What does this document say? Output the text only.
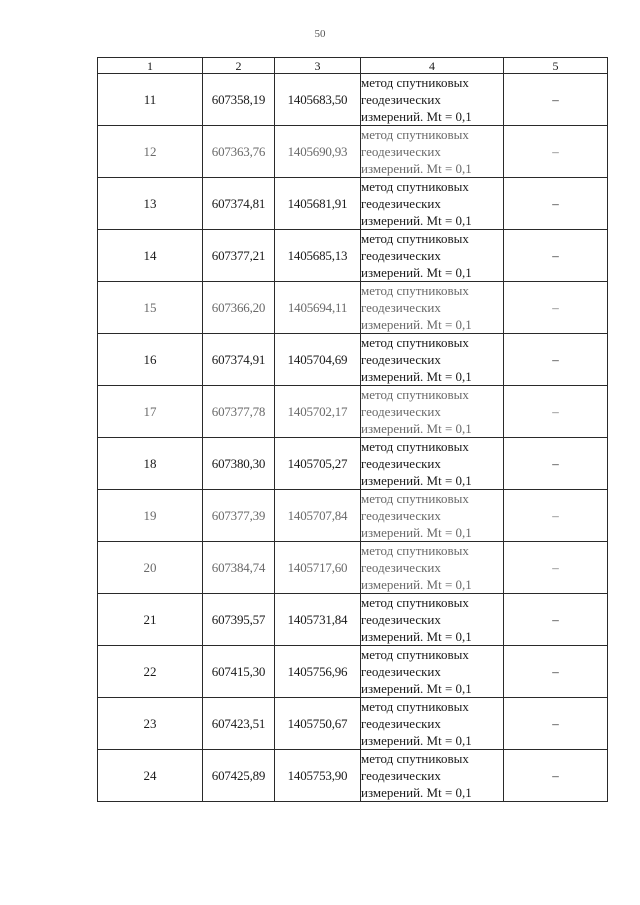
50
1	2	3	4	5
11	607358,19	1405683,50	метод спутниковых
геодезических
измерений. Mt = 0,1	–
12	607363,76	1405690,93	метод спутниковых
геодезических
измерений. Mt = 0,1	–
13	607374,81	1405681,91	метод спутниковых
геодезических
измерений. Mt = 0,1	–
14	607377,21	1405685,13	метод спутниковых
геодезических
измерений. Mt = 0,1	–
15	607366,20	1405694,11	метод спутниковых
геодезических
измерений. Mt = 0,1	–
16	607374,91	1405704,69	метод спутниковых
геодезических
измерений. Mt = 0,1	–
17	607377,78	1405702,17	метод спутниковых
геодезических
измерений. Mt = 0,1	–
18	607380,30	1405705,27	метод спутниковых
геодезических
измерений. Mt = 0,1	–
19	607377,39	1405707,84	метод спутниковых
геодезических
измерений. Mt = 0,1	–
20	607384,74	1405717,60	метод спутниковых
геодезических
измерений. Mt = 0,1	–
21	607395,57	1405731,84	метод спутниковых
геодезических
измерений. Mt = 0,1	–
22	607415,30	1405756,96	метод спутниковых
геодезических
измерений. Mt = 0,1	–
23	607423,51	1405750,67	метод спутниковых
геодезических
измерений. Mt = 0,1	–
24	607425,89	1405753,90	метод спутниковых
геодезических
измерений. Mt = 0,1	–
